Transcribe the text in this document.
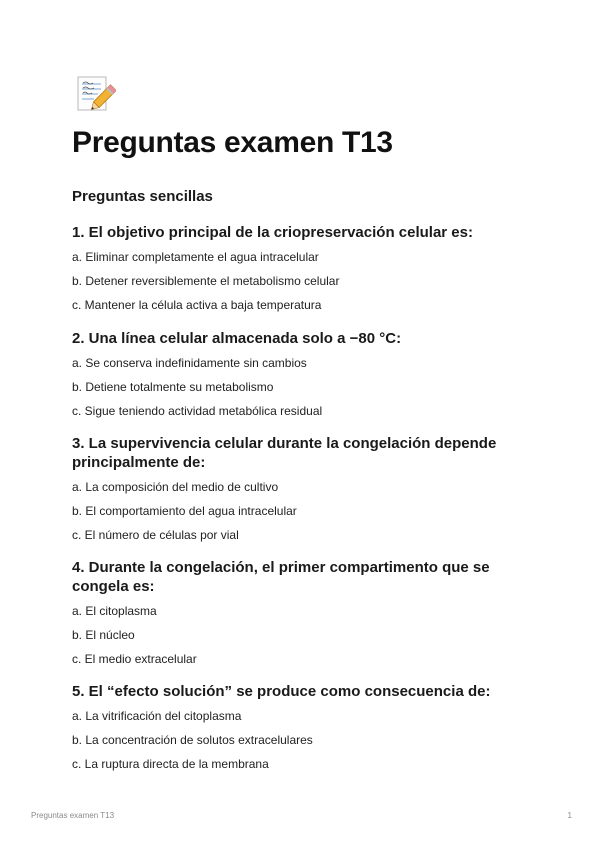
Preguntas examen T13
Preguntas sencillas
1. El objetivo principal de la criopreservación celular es:
a. Eliminar completamente el agua intracelular
b. Detener reversiblemente el metabolismo celular
c. Mantener la célula activa a baja temperatura
2. Una línea celular almacenada solo a −80 °C:
a. Se conserva indefinidamente sin cambios
b. Detiene totalmente su metabolismo
c. Sigue teniendo actividad metabólica residual
3. La supervivencia celular durante la congelación depende principalmente de:
a. La composición del medio de cultivo
b. El comportamiento del agua intracelular
c. El número de células por vial
4. Durante la congelación, el primer compartimento que se congela es:
a. El citoplasma
b. El núcleo
c. El medio extracelular
5. El “efecto solución” se produce como consecuencia de:
a. La vitrificación del citoplasma
b. La concentración de solutos extracelulares
c. La ruptura directa de la membrana
Preguntas examen T13	1
